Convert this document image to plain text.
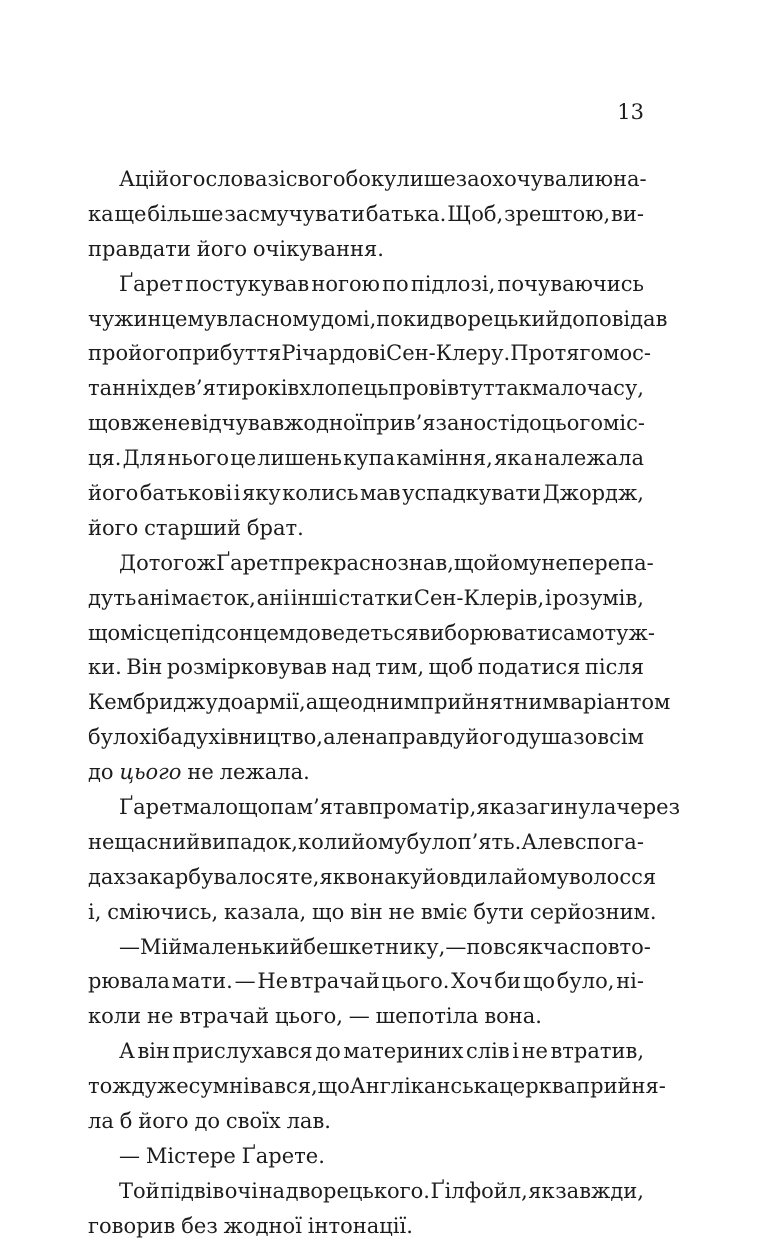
13
А ці його слова зі свого боку лише заохочували юна-
ка ще більше засмучувати батька. Щоб, зрештою, ви-
правдати його очікування.
Ґарет постукував ногою по підлозі, почуваючись
чужинцем у власному домі, поки дворецький доповідав
про його прибуття Річардові Сен-Клеру. Протягом ос-
танніх дев’яти років хлопець провів тут так мало часу,
що вже не відчував жодної прив’язаності до цього міс-
ця. Для нього це лишень купа каміння, яка належала
його батькові і яку колись мав успадкувати Джордж,
його старший брат.
До того ж Ґарет прекрасно знав, що йому не перепа-
дуть ані маєток, ані інші статки Сен-Клерів, і розумів,
що місце під сонцем доведеться виборювати самотуж-
ки. Він розмірковував над тим, щоб податися після
Кембриджу до армії, а ще одним прийнятним варіантом
було хіба духівництво, але направду його душа зовсім
до цього не лежала.
Ґарет мало що пам’ятав про матір, яка загинула через
нещасний випадок, коли йому було п’ять. Але в спога-
дах закарбувалося те, як вона куйовдила йому волосся
і, сміючись, казала, що він не вміє бути серйозним.
— Мій маленький бешкетнику, — повсякчас повто-
рювала мати. — Не втрачай цього. Хоч би що було, ні-
коли не втрачай цього, — шепотіла вона.
А він прислухався до материних слів і не втратив,
тож дуже сумнівався, що Англіканська церква прийня-
ла б його до своїх лав.
— Містере Ґарете.
Той підвів очі на дворецького. Ґілфойл, як завжди,
говорив без жодної інтонації.
